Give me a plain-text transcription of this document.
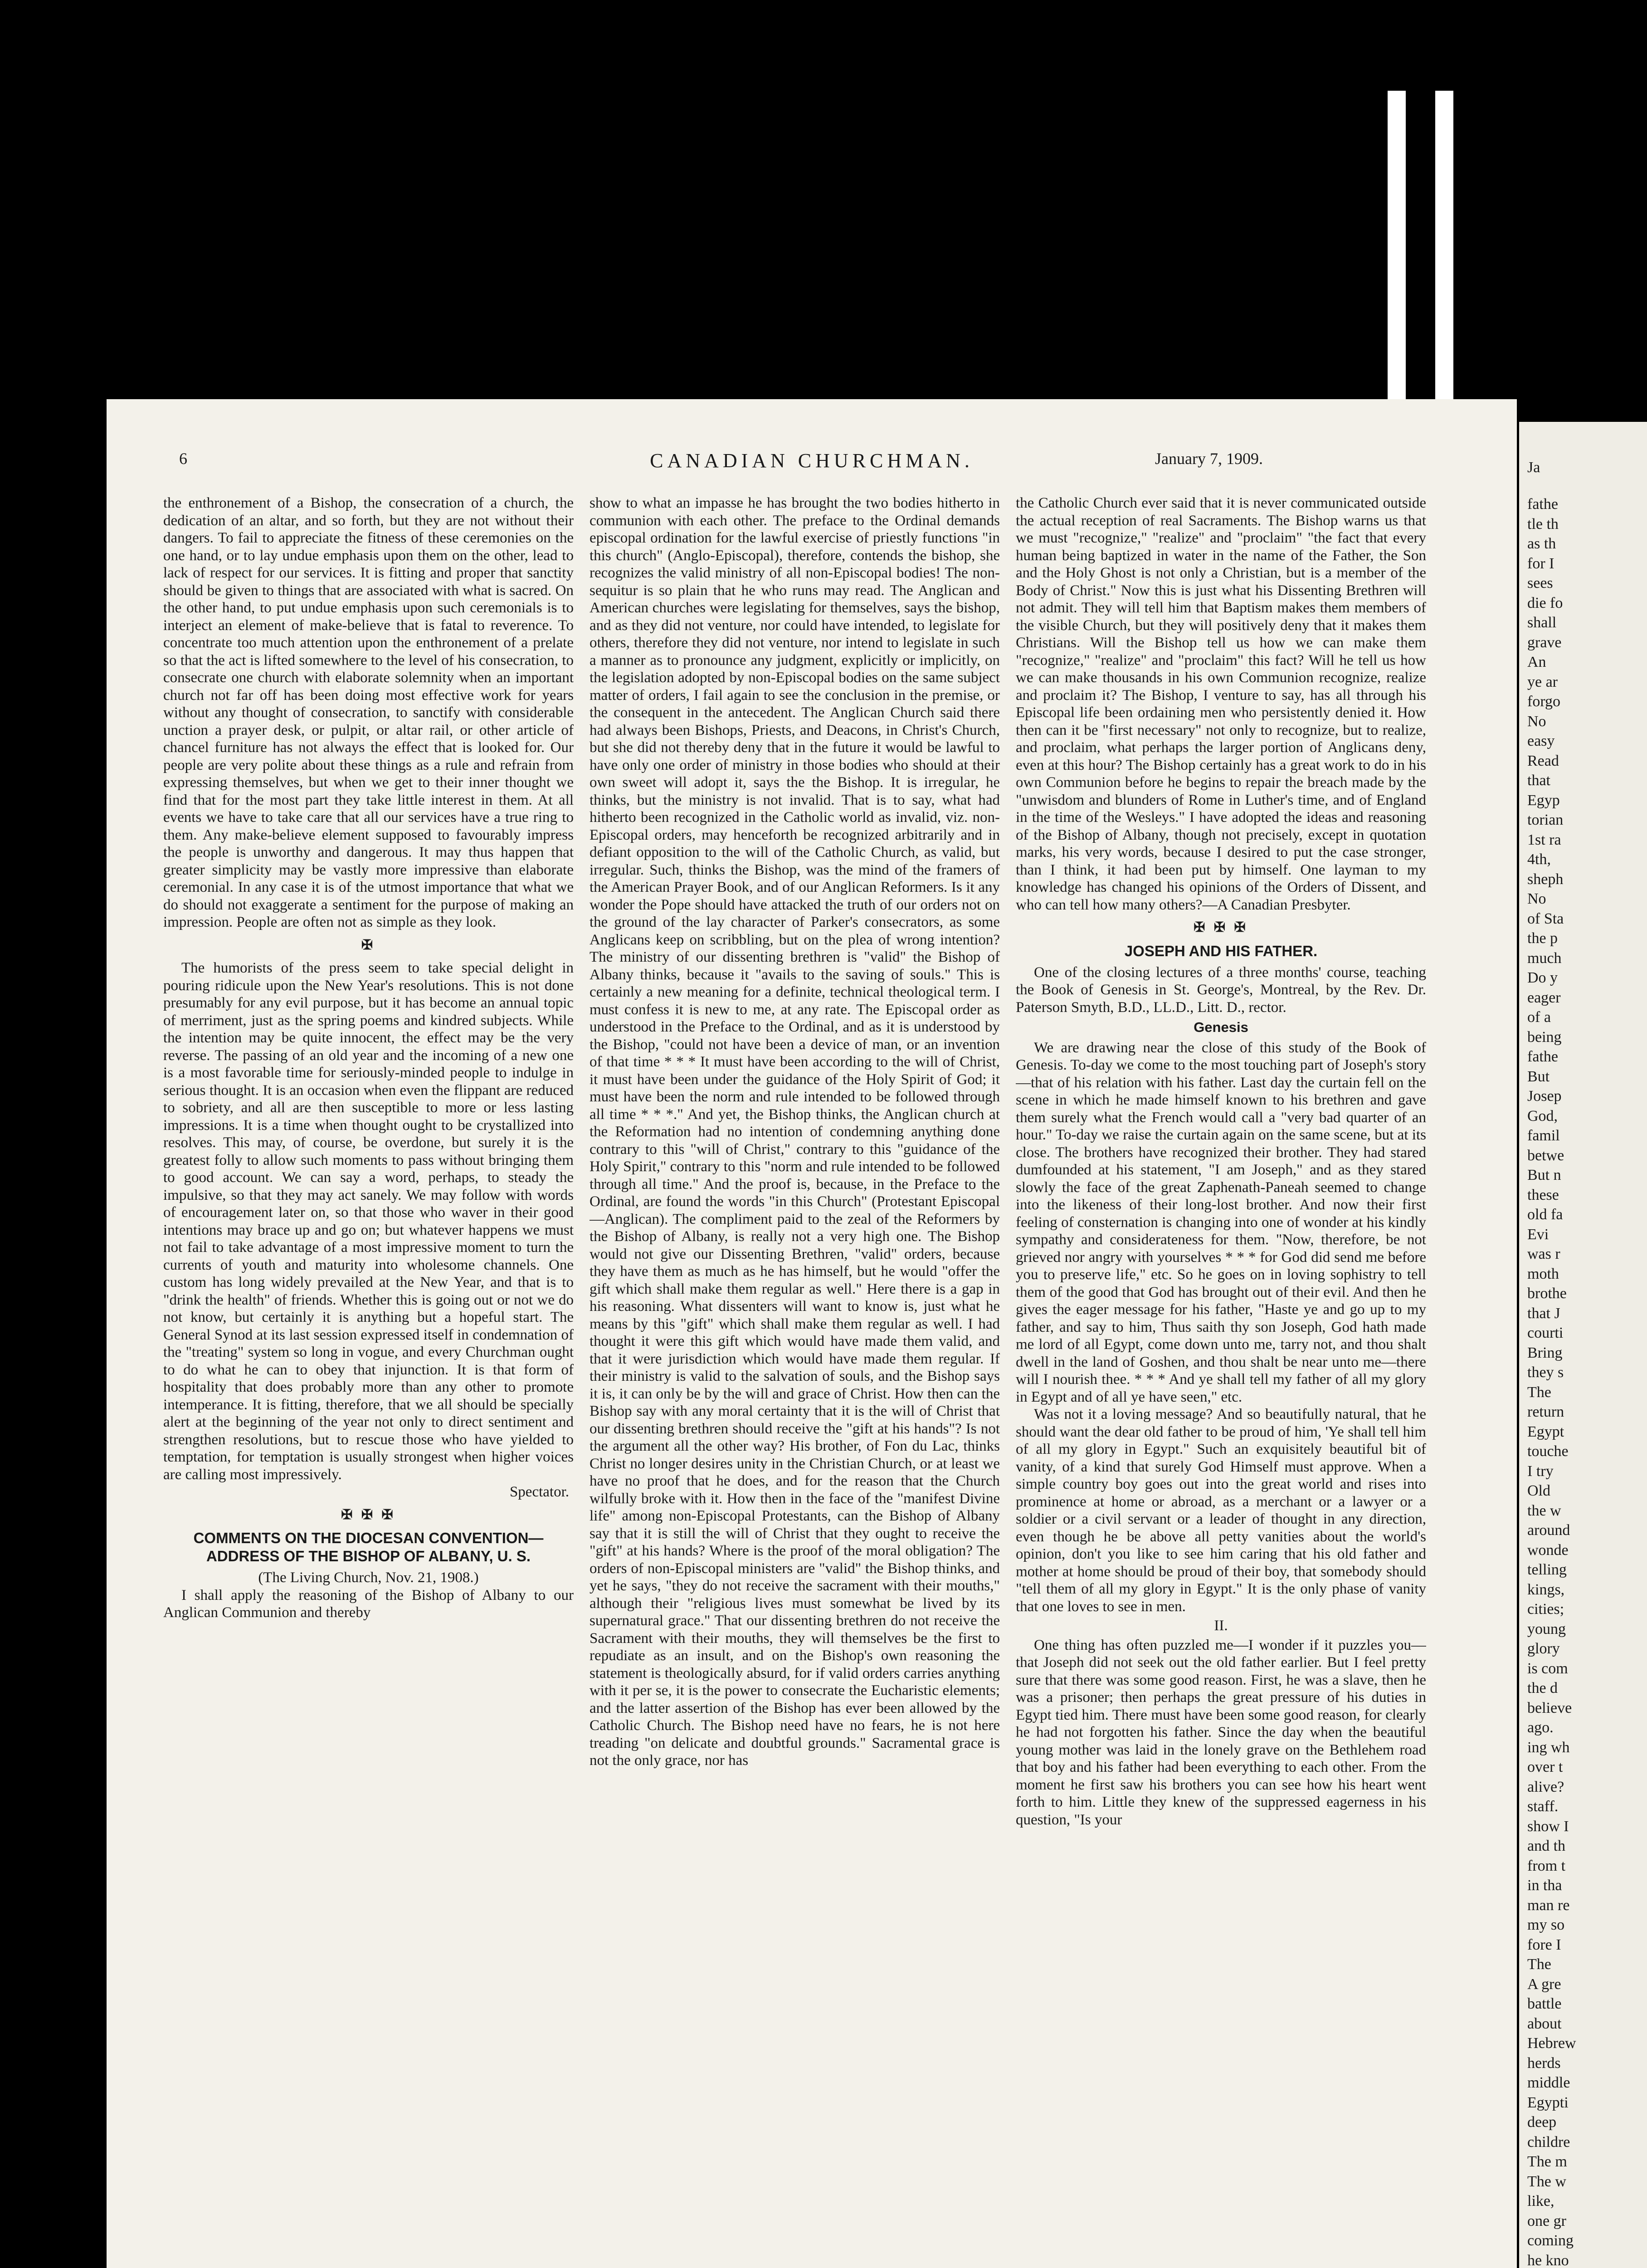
6	CANADIAN CHURCHMAN.	January 7, 1909.

the enthronement of a Bishop, the consecration of a church, the dedication of an altar, and so forth, but they are not without their dangers. To fail to appreciate the fitness of these ceremonies on the one hand, or to lay undue emphasis upon them on the other, lead to lack of respect for our services. It is fitting and proper that sanctity should be given to things that are associated with what is sacred. On the other hand, to put undue emphasis upon such ceremonials is to interject an element of make-believe that is fatal to reverence. To concentrate too much attention upon the enthronement of a prelate so that the act is lifted somewhere to the level of his consecration, to consecrate one church with elaborate solemnity when an important church not far off has been doing most effective work for years without any thought of consecration, to sanctify with considerable unction a prayer desk, or pulpit, or altar rail, or other article of chancel furniture has not always the effect that is looked for. Our people are very polite about these things as a rule and refrain from expressing themselves, but when we get to their inner thought we find that for the most part they take little interest in them. At all events we have to take care that all our services have a true ring to them. Any make-believe element supposed to favourably impress the people is unworthy and dangerous. It may thus happen that greater simplicity may be vastly more impressive than elaborate ceremonial. In any case it is of the utmost importance that what we do should not exaggerate a sentiment for the purpose of making an impression. People are often not as simple as they look.

✠

The humorists of the press seem to take special delight in pouring ridicule upon the New Year's resolutions. This is not done presumably for any evil purpose, but it has become an annual topic of merriment, just as the spring poems and kindred subjects. While the intention may be quite innocent, the effect may be the very reverse. The passing of an old year and the incoming of a new one is a most favorable time for seriously-minded people to indulge in serious thought. It is an occasion when even the flippant are reduced to sobriety, and all are then susceptible to more or less lasting impressions. It is a time when thought ought to be crystallized into resolves. This may, of course, be overdone, but surely it is the greatest folly to allow such moments to pass without bringing them to good account. We can say a word, perhaps, to steady the impulsive, so that they may act sanely. We may follow with words of encouragement later on, so that those who waver in their good intentions may brace up and go on; but whatever happens we must not fail to take advantage of a most impressive moment to turn the currents of youth and maturity into wholesome channels. One custom has long widely prevailed at the New Year, and that is to "drink the health" of friends. Whether this is going out or not we do not know, but certainly it is anything but a hopeful start. The General Synod at its last session expressed itself in condemnation of the "treating" system so long in vogue, and every Churchman ought to do what he can to obey that injunction. It is that form of hospitality that does probably more than any other to promote intemperance. It is fitting, therefore, that we all should be specially alert at the beginning of the year not only to direct sentiment and strengthen resolutions, but to rescue those who have yielded to temptation, for temptation is usually strongest when higher voices are calling most impressively.

Spectator.

✠ ✠ ✠

COMMENTS ON THE DIOCESAN CONVENTION—ADDRESS OF THE BISHOP OF ALBANY, U. S.

(The Living Church, Nov. 21, 1908.)

I shall apply the reasoning of the Bishop of Albany to our Anglican Communion and thereby

show to what an impasse he has brought the two bodies hitherto in communion with each other. The preface to the Ordinal demands episcopal ordination for the lawful exercise of priestly functions "in this church" (Anglo-Episcopal), therefore, contends the bishop, she recognizes the valid ministry of all non-Episcopal bodies! The non-sequitur is so plain that he who runs may read. The Anglican and American churches were legislating for themselves, says the bishop, and as they did not venture, nor could have intended, to legislate for others, therefore they did not venture, nor intend to legislate in such a manner as to pronounce any judgment, explicitly or implicitly, on the legislation adopted by non-Episcopal bodies on the same subject matter of orders, I fail again to see the conclusion in the premise, or the consequent in the antecedent. The Anglican Church said there had always been Bishops, Priests, and Deacons, in Christ's Church, but she did not thereby deny that in the future it would be lawful to have only one order of ministry in those bodies who should at their own sweet will adopt it, says the the Bishop. It is irregular, he thinks, but the ministry is not invalid. That is to say, what had hitherto been recognized in the Catholic world as invalid, viz. non-Episcopal orders, may henceforth be recognized arbitrarily and in defiant opposition to the will of the Catholic Church, as valid, but irregular. Such, thinks the Bishop, was the mind of the framers of the American Prayer Book, and of our Anglican Reformers. Is it any wonder the Pope should have attacked the truth of our orders not on the ground of the lay character of Parker's consecrators, as some Anglicans keep on scribbling, but on the plea of wrong intention? The ministry of our dissenting brethren is "valid" the Bishop of Albany thinks, because it "avails to the saving of souls." This is certainly a new meaning for a definite, technical theological term. I must confess it is new to me, at any rate. The Episcopal order as understood in the Preface to the Ordinal, and as it is understood by the Bishop, "could not have been a device of man, or an invention of that time * * * It must have been according to the will of Christ, it must have been under the guidance of the Holy Spirit of God; it must have been the norm and rule intended to be followed through all time * * *." And yet, the Bishop thinks, the Anglican church at the Reformation had no intention of condemning anything done contrary to this "will of Christ," contrary to this "guidance of the Holy Spirit," contrary to this "norm and rule intended to be followed through all time." And the proof is, because, in the Preface to the Ordinal, are found the words "in this Church" (Protestant Episcopal—Anglican). The compliment paid to the zeal of the Reformers by the Bishop of Albany, is really not a very high one. The Bishop would not give our Dissenting Brethren, "valid" orders, because they have them as much as he has himself, but he would "offer the gift which shall make them regular as well." Here there is a gap in his reasoning. What dissenters will want to know is, just what he means by this "gift" which shall make them regular as well. I had thought it were this gift which would have made them valid, and that it were jurisdiction which would have made them regular. If their ministry is valid to the salvation of souls, and the Bishop says it is, it can only be by the will and grace of Christ. How then can the Bishop say with any moral certainty that it is the will of Christ that our dissenting brethren should receive the "gift at his hands"? Is not the argument all the other way? His brother, of Fon du Lac, thinks Christ no longer desires unity in the Christian Church, or at least we have no proof that he does, and for the reason that the Church wilfully broke with it. How then in the face of the "manifest Divine life" among non-Episcopal Protestants, can the Bishop of Albany say that it is still the will of Christ that they ought to receive the "gift" at his hands? Where is the proof of the moral obligation? The orders of non-Episcopal ministers are "valid" the Bishop thinks, and yet he says, "they do not receive the sacrament with their mouths," although their "religious lives must somewhat be lived by its supernatural grace." That our dissenting brethren do not receive the Sacrament with their mouths, they will themselves be the first to repudiate as an insult, and on the Bishop's own reasoning the statement is theologically absurd, for if valid orders carries anything with it per se, it is the power to consecrate the Eucharistic elements; and the latter assertion of the Bishop has ever been allowed by the Catholic Church. The Bishop need have no fears, he is not here treading "on delicate and doubtful grounds." Sacramental grace is not the only grace, nor has

the Catholic Church ever said that it is never communicated outside the actual reception of real Sacraments. The Bishop warns us that we must "recognize," "realize" and "proclaim" "the fact that every human being baptized in water in the name of the Father, the Son and the Holy Ghost is not only a Christian, but is a member of the Body of Christ." Now this is just what his Dissenting Brethren will not admit. They will tell him that Baptism makes them members of the visible Church, but they will positively deny that it makes them Christians. Will the Bishop tell us how we can make them "recognize," "realize" and "proclaim" this fact? Will he tell us how we can make thousands in his own Communion recognize, realize and proclaim it? The Bishop, I venture to say, has all through his Episcopal life been ordaining men who persistently denied it. How then can it be "first necessary" not only to recognize, but to realize, and proclaim, what perhaps the larger portion of Anglicans deny, even at this hour? The Bishop certainly has a great work to do in his own Communion before he begins to repair the breach made by the "unwisdom and blunders of Rome in Luther's time, and of England in the time of the Wesleys." I have adopted the ideas and reasoning of the Bishop of Albany, though not precisely, except in quotation marks, his very words, because I desired to put the case stronger, than I think, it had been put by himself. One layman to my knowledge has changed his opinions of the Orders of Dissent, and who can tell how many others?—A Canadian Presbyter.

✠ ✠ ✠

JOSEPH AND HIS FATHER.

One of the closing lectures of a three months' course, teaching the Book of Genesis in St. George's, Montreal, by the Rev. Dr. Paterson Smyth, B.D., LL.D., Litt. D., rector.

Genesis

We are drawing near the close of this study of the Book of Genesis. To-day we come to the most touching part of Joseph's story—that of his relation with his father. Last day the curtain fell on the scene in which he made himself known to his brethren and gave them surely what the French would call a "very bad quarter of an hour." To-day we raise the curtain again on the same scene, but at its close. The brothers have recognized their brother. They had stared dumfounded at his statement, "I am Joseph," and as they stared slowly the face of the great Zaphenath-Paneah seemed to change into the likeness of their long-lost brother. And now their first feeling of consternation is changing into one of wonder at his kindly sympathy and considerateness for them. "Now, therefore, be not grieved nor angry with yourselves * * * for God did send me before you to preserve life," etc. So he goes on in loving sophistry to tell them of the good that God has brought out of their evil. And then he gives the eager message for his father, "Haste ye and go up to my father, and say to him, Thus saith thy son Joseph, God hath made me lord of all Egypt, come down unto me, tarry not, and thou shalt dwell in the land of Goshen, and thou shalt be near unto me—there will I nourish thee. * * * And ye shall tell my father of all my glory in Egypt and of all ye have seen," etc.

Was not it a loving message? And so beautifully natural, that he should want the dear old father to be proud of him, 'Ye shall tell him of all my glory in Egypt." Such an exquisitely beautiful bit of vanity, of a kind that surely God Himself must approve. When a simple country boy goes out into the great world and rises into prominence at home or abroad, as a merchant or a lawyer or a soldier or a civil servant or a leader of thought in any direction, even though he be above all petty vanities about the world's opinion, don't you like to see him caring that his old father and mother at home should be proud of their boy, that somebody should "tell them of all my glory in Egypt." It is the only phase of vanity that one loves to see in men.

II.

One thing has often puzzled me—I wonder if it puzzles you—that Joseph did not seek out the old father earlier. But I feel pretty sure that there was some good reason. First, he was a slave, then he was a prisoner; then perhaps the great pressure of his duties in Egypt tied him. There must have been some good reason, for clearly he had not forgotten his father. Since the day when the beautiful young mother was laid in the lonely grave on the Bethlehem road that boy and his father had been everything to each other. From the moment he first saw his brothers you can see how his heart went forth to him. Little they knew of the suppressed eagerness in his question, "Is your

Ja
fathe
tle th
as th
for I
sees
die fo
shall
grave
An
ye ar
forgo
No
easy
Read
that
Egyp
torian
1st ra
4th,
sheph
No
of Sta
the p
much
Do y
eager
of a
being
fathe
But
Josep
God,
famil
betwe
But n
these
old fa
Evi
was r
moth
brothe
that J
courti
Bring
they s
The
return
Egypt
touche
I try
Old
the w
around
wonde
telling
kings,
cities;
young
glory
is com
the d
believe
ago.
ing wh
over t
alive?
staff.
show I
and th
from t
in tha
man re
my so
fore I
The
A gre
battle
about
Hebrew
herds
middle
Egypti
deep
childre
The m
The w
like,
one gr
coming
he kno
